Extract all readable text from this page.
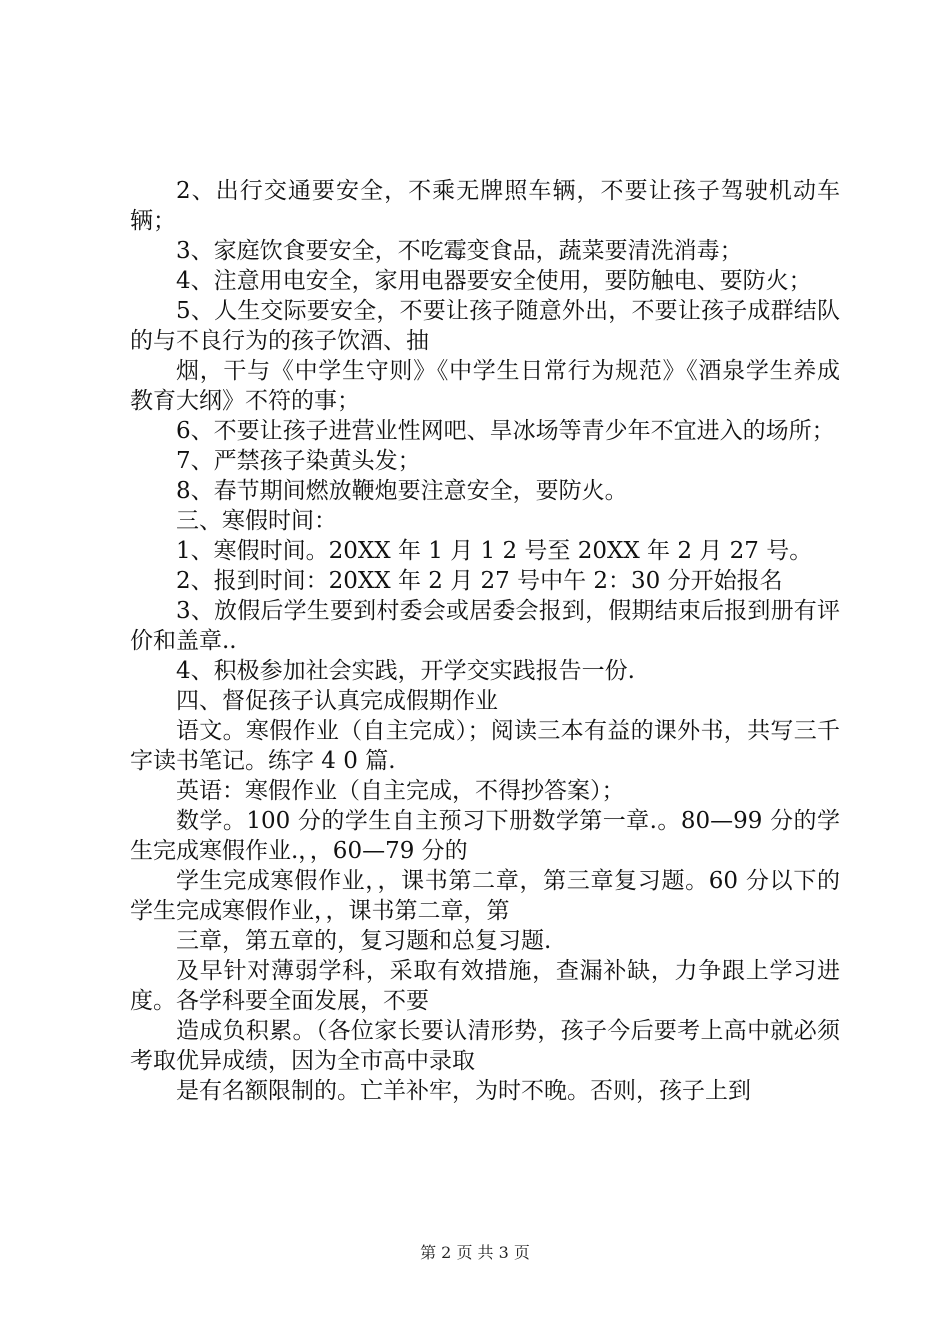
2、出行交通要安全，不乘无牌照车辆，不要让孩子驾驶机动车辆；

3、家庭饮食要安全，不吃霉变食品，蔬菜要清洗消毒；

4、注意用电安全，家用电器要安全使用，要防触电、要防火；

5、人生交际要安全，不要让孩子随意外出，不要让孩子成群结队的与不良行为的孩子饮酒、抽

烟，干与《中学生守则》《中学生日常行为规范》《酒泉学生养成教育大纲》不符的事；

6、不要让孩子进营业性网吧、旱冰场等青少年不宜进入的场所；

7、严禁孩子染黄头发；

8、春节期间燃放鞭炮要注意安全，要防火。

三、寒假时间：

1、寒假时间。20XX 年 1 月 1 2 号至 20XX 年 2 月 27 号。

2、报到时间：20XX 年 2 月 27 号中午 2：30 分开始报名

3、放假后学生要到村委会或居委会报到，假期结束后报到册有评价和盖章..

4、积极参加社会实践，开学交实践报告一份.

四、督促孩子认真完成假期作业

语文。寒假作业（自主完成）；阅读三本有益的课外书，共写三千字读书笔记。练字 4 0 篇.

英语：寒假作业（自主完成，不得抄答案）；

数学。100 分的学生自主预习下册数学第一章.。80—99 分的学生完成寒假作业.，，60—79 分的

学生完成寒假作业，，课书第二章，第三章复习题。60 分以下的学生完成寒假作业，，课书第二章，第

三章，第五章的，复习题和总复习题.

及早针对薄弱学科，采取有效措施，查漏补缺，力争跟上学习进度。各学科要全面发展，不要

造成负积累。（各位家长要认清形势，孩子今后要考上高中就必须考取优异成绩，因为全市高中录取

是有名额限制的。亡羊补牢，为时不晚。否则，孩子上到

第 2 页 共 3 页
